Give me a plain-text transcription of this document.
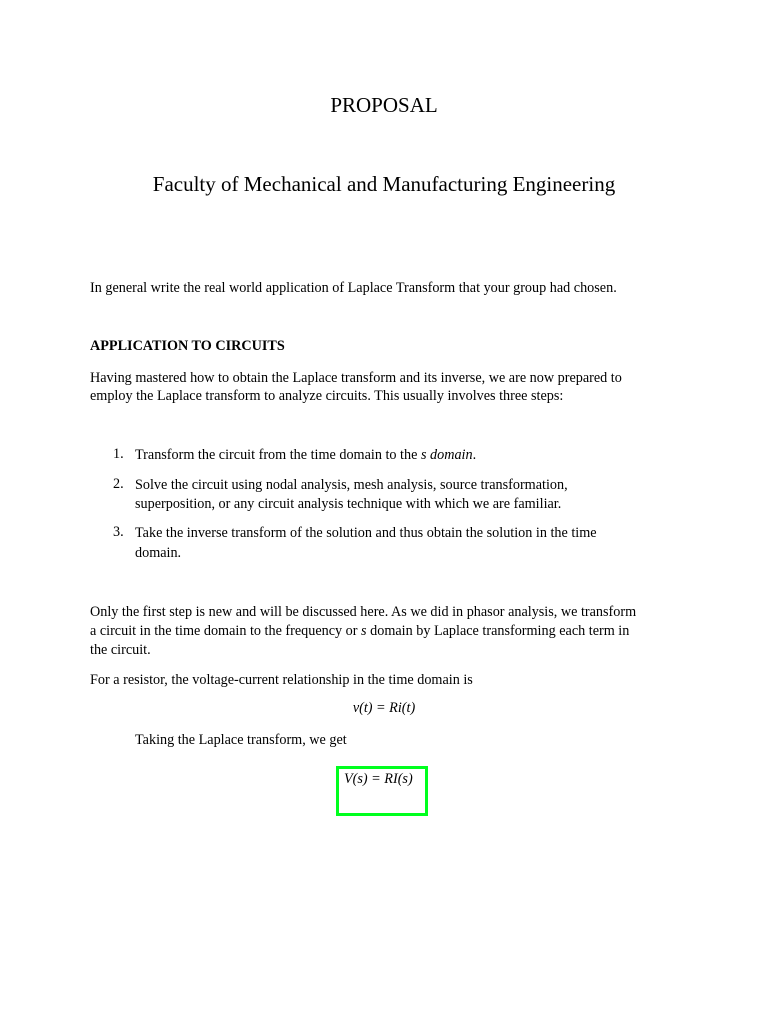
PROPOSAL
Faculty of Mechanical and Manufacturing Engineering
In general write the real world application of Laplace Transform that your group had chosen.
APPLICATION TO CIRCUITS
Having mastered how to obtain the Laplace transform and its inverse, we are now prepared to
employ the Laplace transform to analyze circuits. This usually involves three steps:
1. Transform the circuit from the time domain to the s domain.
2. Solve the circuit using nodal analysis, mesh analysis, source transformation,
superposition, or any circuit analysis technique with which we are familiar.
3. Take the inverse transform of the solution and thus obtain the solution in the time
domain.
Only the first step is new and will be discussed here. As we did in phasor analysis, we transform
a circuit in the time domain to the frequency or s domain by Laplace transforming each term in
the circuit.
For a resistor, the voltage-current relationship in the time domain is
v(t) = Ri(t)
Taking the Laplace transform, we get
V(s) = RI(s)
